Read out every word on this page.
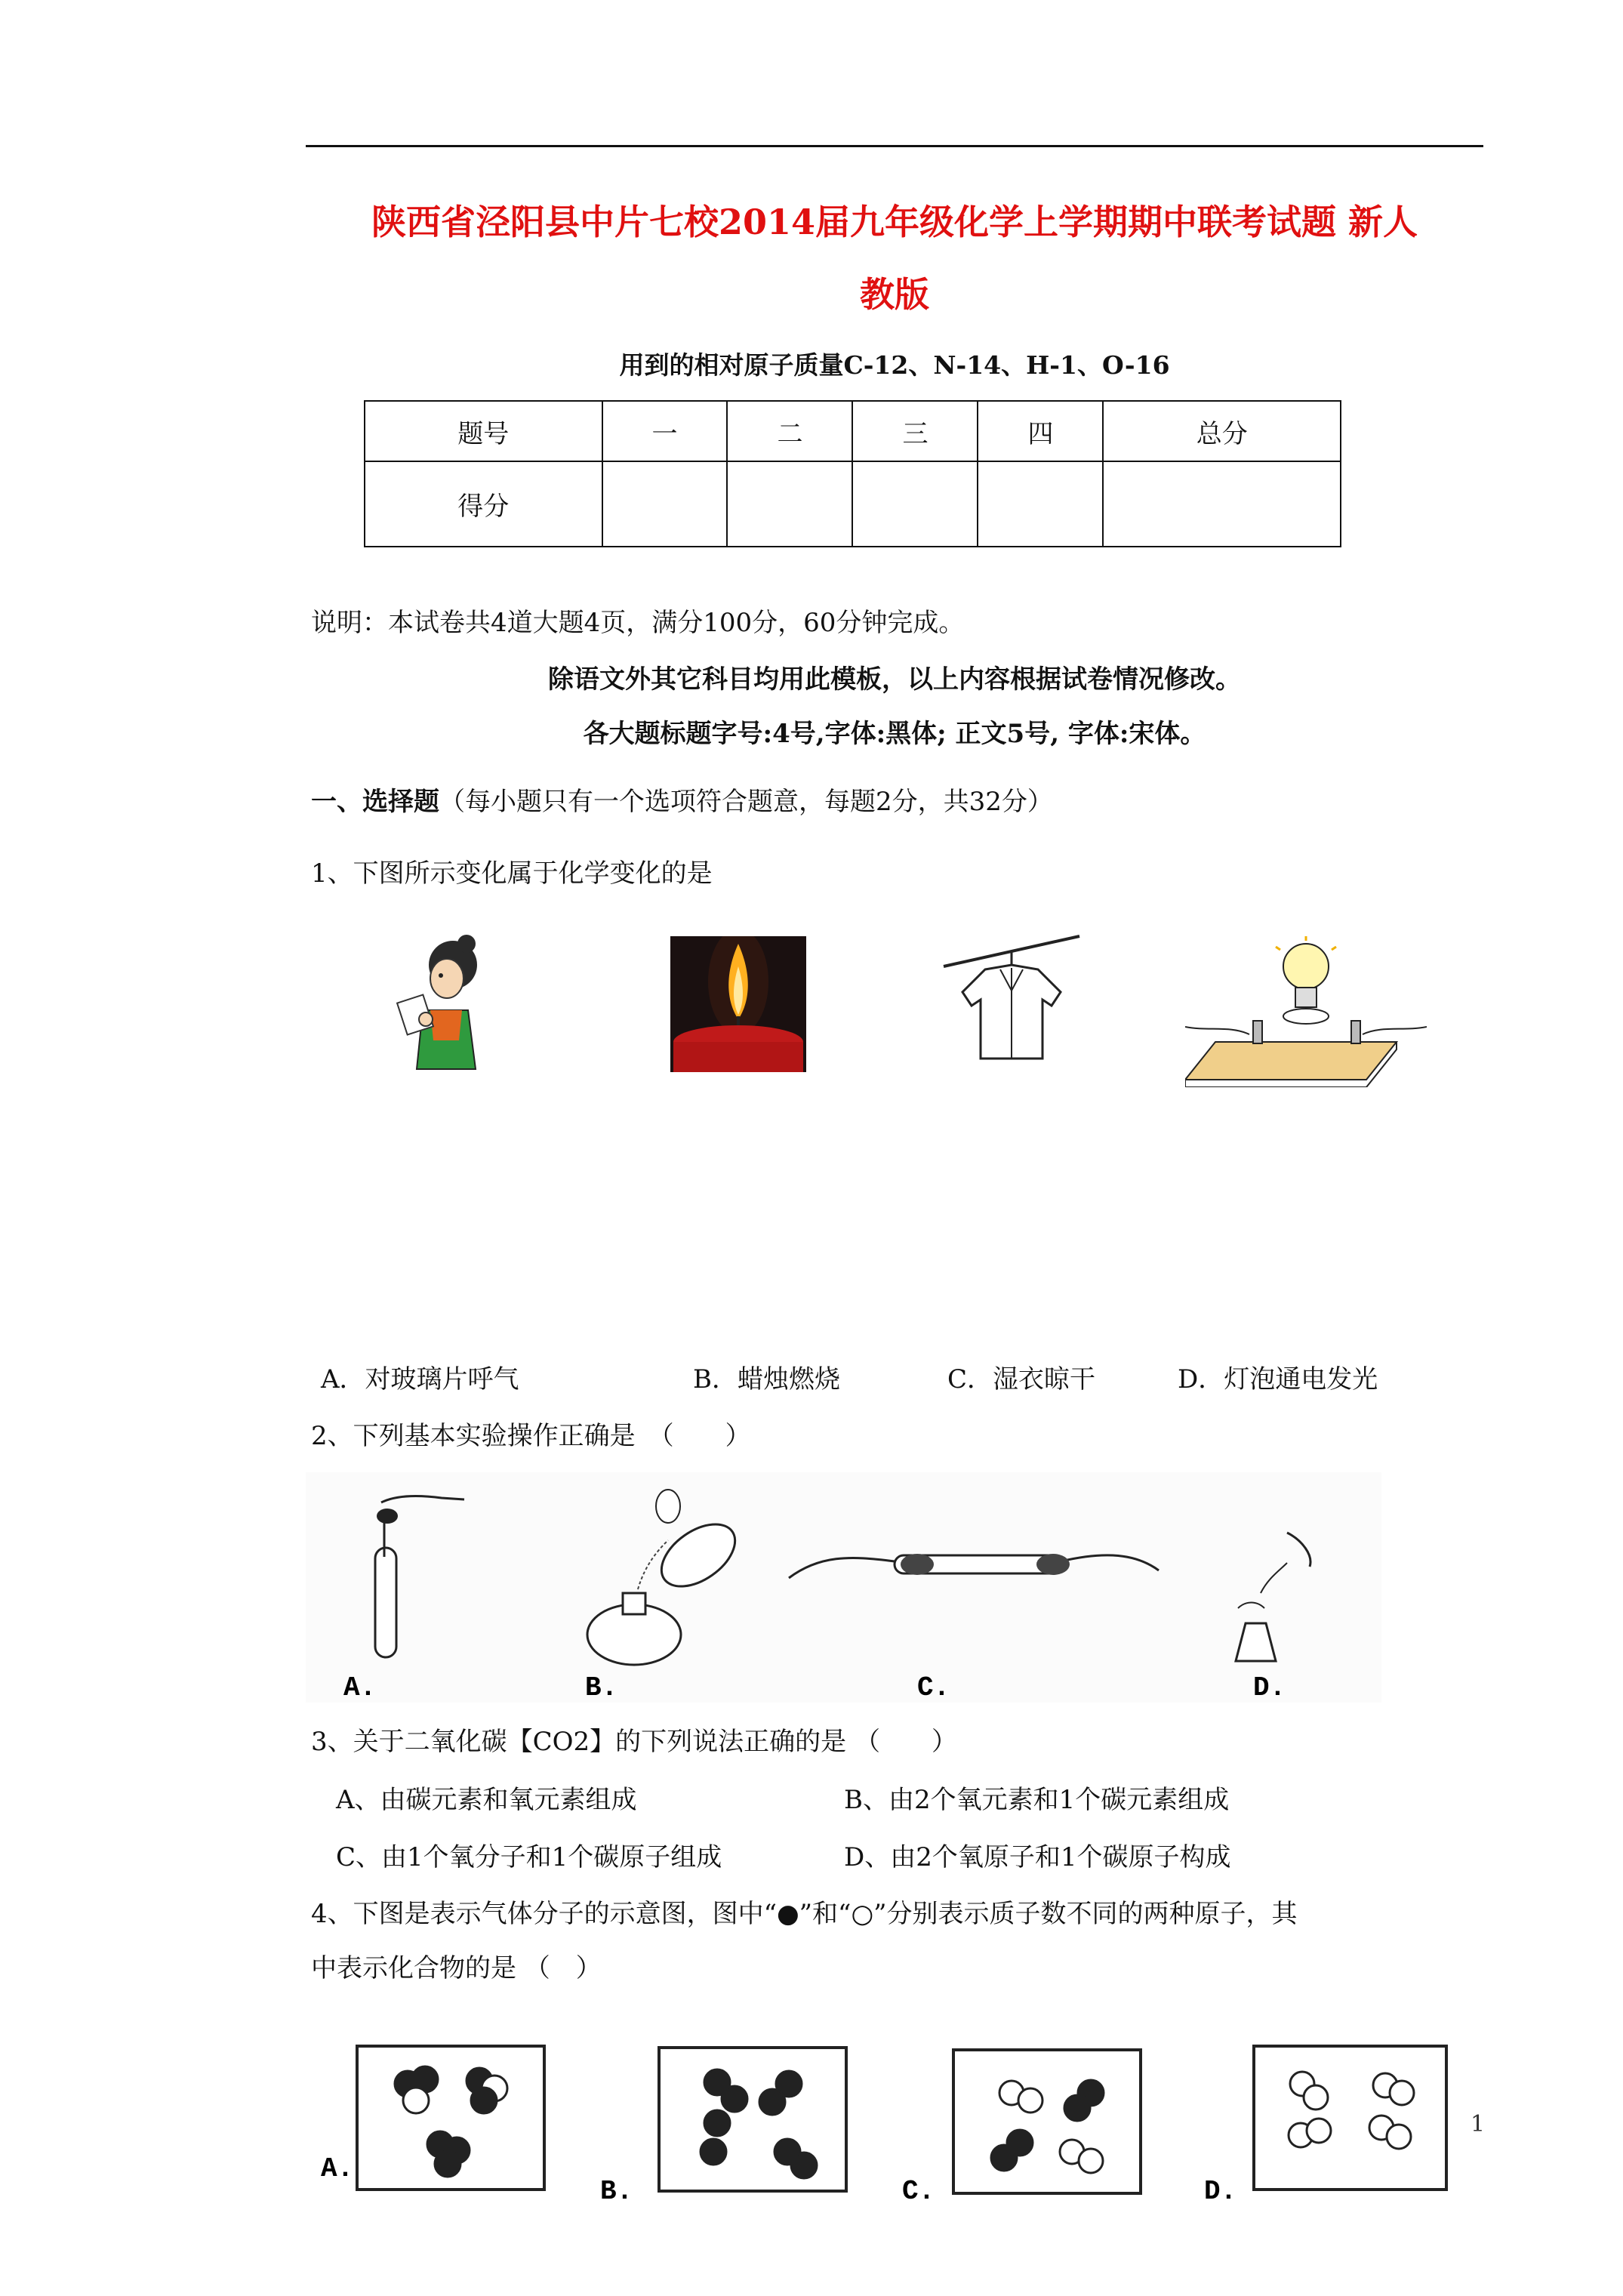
陕西省泾阳县中片七校2014届九年级化学上学期期中联考试题 新人
教版
用到的相对原子质量C-12、N-14、H-1、O-16
题号	一	二	三	四	总分
得分					
说明：本试卷共4道大题4页，满分100分，60分钟完成。
除语文外其它科目均用此模板，以上内容根据试卷情况修改。
各大题标题字号:4号,字体:黑体; 正文5号, 字体:宋体。
一、选择题（每小题只有一个选项符合题意，每题2分，共32分）
1、下图所示变化属于化学变化的是
A．对玻璃片呼气	B．蜡烛燃烧	C．湿衣晾干	D．灯泡通电发光
2、下列基本实验操作正确是　（　　）
A.	B.	C.	D.
3、关于二氧化碳【CO2】的下列说法正确的是 （　　）
A、由碳元素和氧元素组成	B、由2个氧元素和1个碳元素组成
C、由1个氧分子和1个碳原子组成	D、由2个氧原子和1个碳原子构成
4、下图是表示气体分子的示意图，图中“●”和“○”分别表示质子数不同的两种原子，其
中表示化合物的是 （　）
A.
B.	C.	D.
1
